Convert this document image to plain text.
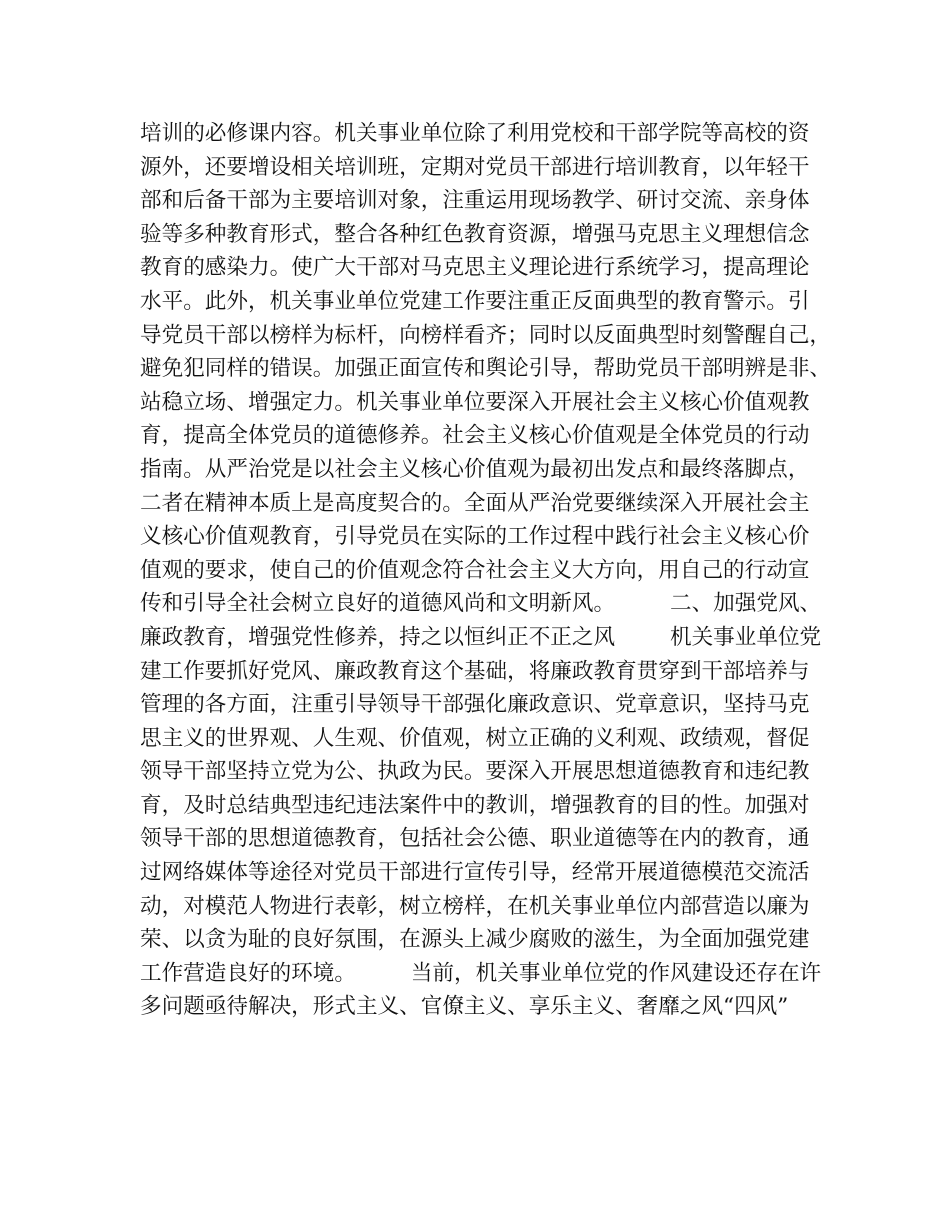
培训的必修课内容。机关事业单位除了利用党校和干部学院等高校的资
源外，还要增设相关培训班，定期对党员干部进行培训教育，以年轻干
部和后备干部为主要培训对象，注重运用现场教学、研讨交流、亲身体
验等多种教育形式，整合各种红色教育资源，增强马克思主义理想信念
教育的感染力。使广大干部对马克思主义理论进行系统学习，提高理论
水平。此外，机关事业单位党建工作要注重正反面典型的教育警示。引
导党员干部以榜样为标杆，向榜样看齐；同时以反面典型时刻警醒自己，
避免犯同样的错误。加强正面宣传和舆论引导，帮助党员干部明辨是非、
站稳立场、增强定力。机关事业单位要深入开展社会主义核心价值观教
育，提高全体党员的道德修养。社会主义核心价值观是全体党员的行动
指南。从严治党是以社会主义核心价值观为最初出发点和最终落脚点，
二者在精神本质上是高度契合的。全面从严治党要继续深入开展社会主
义核心价值观教育，引导党员在实际的工作过程中践行社会主义核心价
值观的要求，使自己的价值观念符合社会主义大方向，用自己的行动宣
传和引导全社会树立良好的道德风尚和文明新风。        二、加强党风、
廉政教育，增强党性修养，持之以恒纠正不正之风        机关事业单位党
建工作要抓好党风、廉政教育这个基础，将廉政教育贯穿到干部培养与
管理的各方面，注重引导领导干部强化廉政意识、党章意识，坚持马克
思主义的世界观、人生观、价值观，树立正确的义利观、政绩观，督促
领导干部坚持立党为公、执政为民。要深入开展思想道德教育和违纪教
育，及时总结典型违纪违法案件中的教训，增强教育的目的性。加强对
领导干部的思想道德教育，包括社会公德、职业道德等在内的教育，通
过网络媒体等途径对党员干部进行宣传引导，经常开展道德模范交流活
动，对模范人物进行表彰，树立榜样，在机关事业单位内部营造以廉为
荣、以贪为耻的良好氛围，在源头上减少腐败的滋生，为全面加强党建
工作营造良好的环境。        当前，机关事业单位党的作风建设还存在许
多问题亟待解决，形式主义、官僚主义、享乐主义、奢靡之风“四风”
